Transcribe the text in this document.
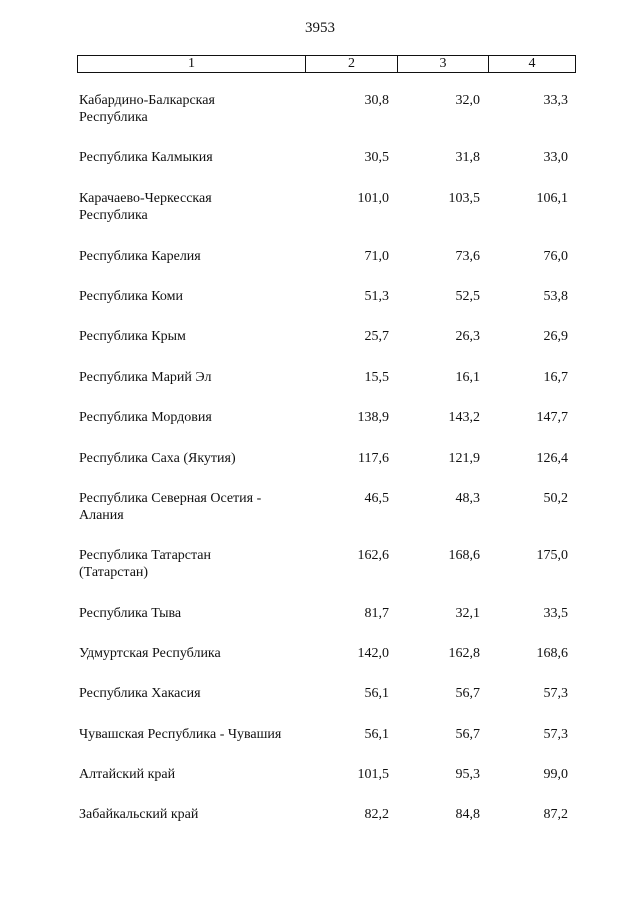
3953
1	2	3	4
Кабардино-Балкарская
Республика
30,8	32,0	33,3
Республика Калмыкия	30,5	31,8	33,0
Карачаево-Черкесская
Республика
101,0	103,5	106,1
Республика Карелия	71,0	73,6	76,0
Республика Коми	51,3	52,5	53,8
Республика Крым	25,7	26,3	26,9
Республика Марий Эл	15,5	16,1	16,7
Республика Мордовия	138,9	143,2	147,7
Республика Саха (Якутия)	117,6	121,9	126,4
Республика Северная Осетия -
Алания
46,5	48,3	50,2
Республика Татарстан
(Татарстан)
162,6	168,6	175,0
Республика Тыва	81,7	32,1	33,5
Удмуртская Республика	142,0	162,8	168,6
Республика Хакасия	56,1	56,7	57,3
Чувашская Республика - Чувашия	56,1	56,7	57,3
Алтайский край	101,5	95,3	99,0
Забайкальский край	82,2	84,8	87,2
